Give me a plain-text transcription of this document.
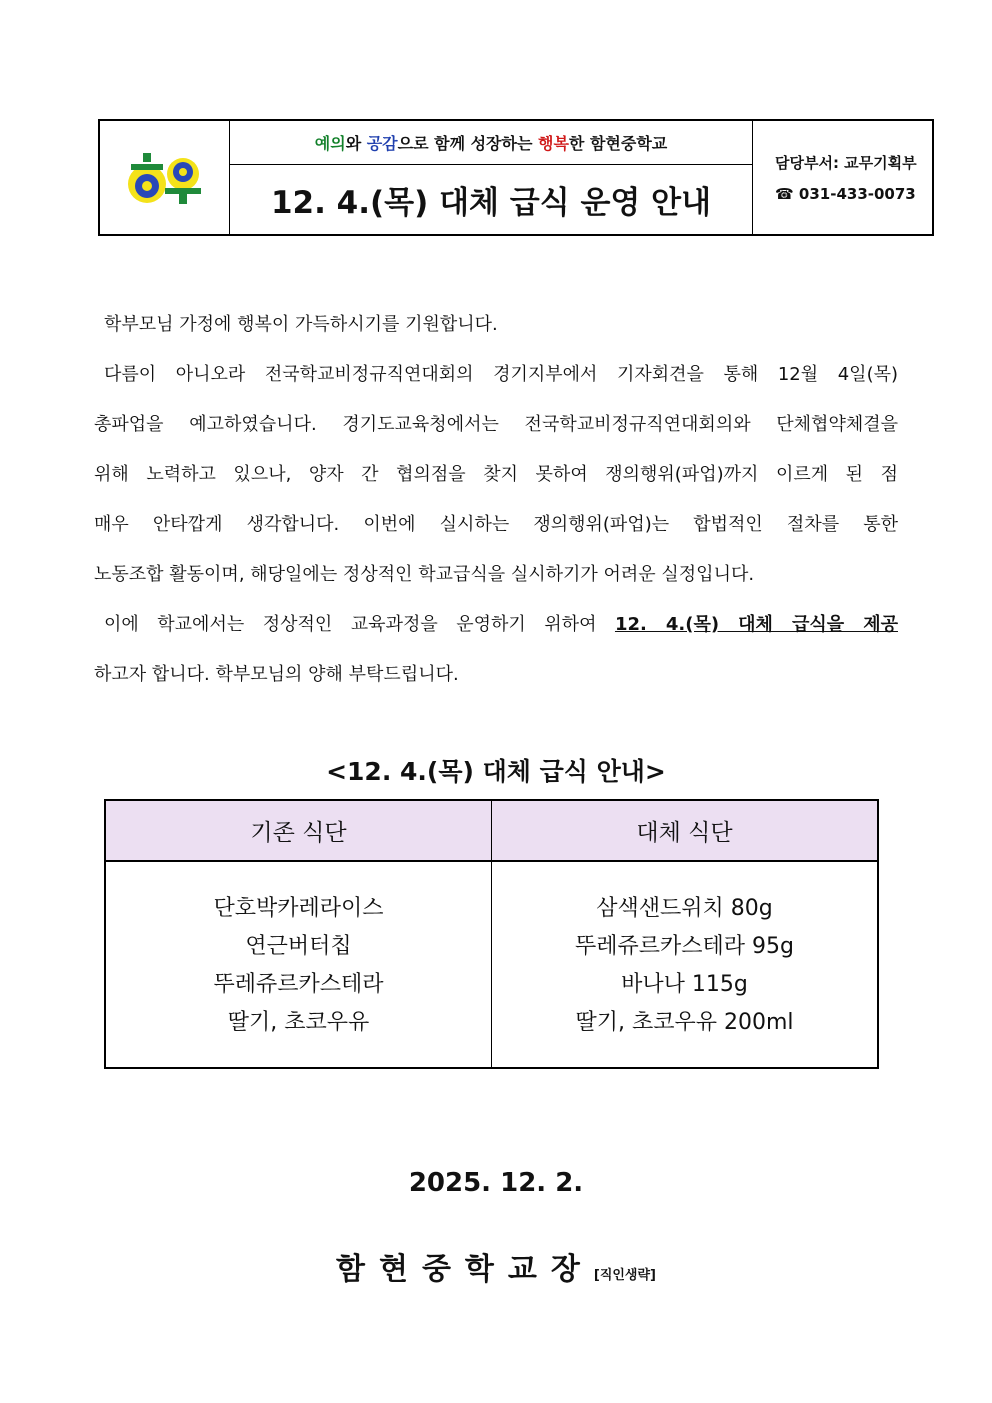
예의 와 공감 으로 함께 성장하는 행복 한 함현중학교
12. 4.(목) 대체 급식 운영 안내
담당부서: 교무기획부
☎ 031-433-0073

학부모님 가정에 행복이 가득하시기를 기원합니다.

다름이 아니오라 전국학교비정규직연대회의 경기지부에서 기자회견을 통해 12월 4일(목)

총파업을 예고하였습니다. 경기도교육청에서는 전국학교비정규직연대회의와 단체협약체결을

위해 노력하고 있으나, 양자 간 협의점을 찾지 못하여 쟁의행위(파업)까지 이르게 된 점

매우 안타깝게 생각합니다. 이번에 실시하는 쟁의행위(파업)는 합법적인 절차를 통한

노동조합 활동이며, 해당일에는 정상적인 학교급식을 실시하기가 어려운 실정입니다.

이에 학교에서는 정상적인 교육과정을 운영하기 위하여 12. 4.(목) 대체 급식을 제공

하고자 합니다. 학부모님의 양해 부탁드립니다.

<12. 4.(목) 대체 급식 안내>
기존 식단	대체 식단
단호박카레라이스
연근버터칩
뚜레쥬르카스테라
딸기, 초코우유
삼색샌드위치 80g
뚜레쥬르카스테라 95g
바나나 115g
딸기, 초코우유 200ml
2025. 12. 2.
함현중학교장[직인생략]
